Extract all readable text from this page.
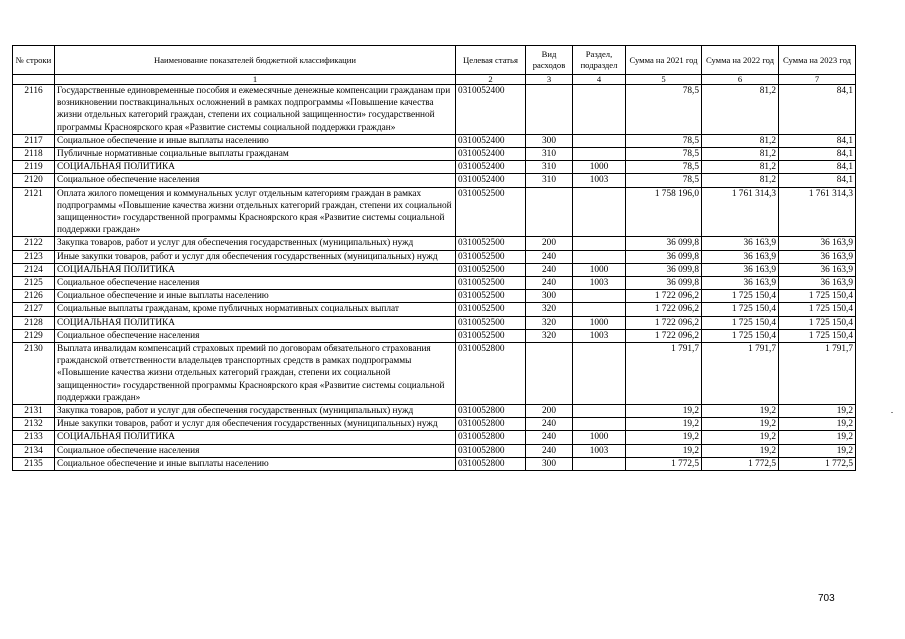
№ строки	Наименование показателей бюджетной классификации	Целевая статья	Вид расходов	Раздел, подраздел	Сумма на 2021 год	Сумма на 2022 год	Сумма на 2023 год
	1	2	3	4	5	6	7
2116	Государственные единовременные пособия и ежемесячные денежные компенсации гражданам при возникновении поствакцинальных осложнений в рамках подпрограммы «Повышение качества жизни отдельных категорий граждан, степени их социальной защищенности» государственной программы Красноярского края «Развитие системы социальной поддержки граждан»	0310052400			78,5	81,2	84,1
2117	Социальное обеспечение и иные выплаты населению	0310052400	300		78,5	81,2	84,1
2118	Публичные нормативные социальные выплаты гражданам	0310052400	310		78,5	81,2	84,1
2119	СОЦИАЛЬНАЯ ПОЛИТИКА	0310052400	310	1000	78,5	81,2	84,1
2120	Социальное обеспечение населения	0310052400	310	1003	78,5	81,2	84,1
2121	Оплата жилого помещения и коммунальных услуг отдельным категориям граждан в рамках подпрограммы «Повышение качества жизни отдельных категорий граждан, степени их социальной защищенности» государственной программы Красноярского края «Развитие системы социальной поддержки граждан»	0310052500			1 758 196,0	1 761 314,3	1 761 314,3
2122	Закупка товаров, работ и услуг для обеспечения государственных (муниципальных) нужд	0310052500	200		36 099,8	36 163,9	36 163,9
2123	Иные закупки товаров, работ и услуг для обеспечения государственных (муниципальных) нужд	0310052500	240		36 099,8	36 163,9	36 163,9
2124	СОЦИАЛЬНАЯ ПОЛИТИКА	0310052500	240	1000	36 099,8	36 163,9	36 163,9
2125	Социальное обеспечение населения	0310052500	240	1003	36 099,8	36 163,9	36 163,9
2126	Социальное обеспечение и иные выплаты населению	0310052500	300		1 722 096,2	1 725 150,4	1 725 150,4
2127	Социальные выплаты гражданам, кроме публичных нормативных социальных выплат	0310052500	320		1 722 096,2	1 725 150,4	1 725 150,4
2128	СОЦИАЛЬНАЯ ПОЛИТИКА	0310052500	320	1000	1 722 096,2	1 725 150,4	1 725 150,4
2129	Социальное обеспечение населения	0310052500	320	1003	1 722 096,2	1 725 150,4	1 725 150,4
2130	Выплата инвалидам компенсаций страховых премий по договорам обязательного страхования гражданской ответственности владельцев транспортных средств в рамках подпрограммы «Повышение качества жизни отдельных категорий граждан, степени их социальной защищенности» государственной программы Красноярского края «Развитие системы социальной поддержки граждан»	0310052800			1 791,7	1 791,7	1 791,7
2131	Закупка товаров, работ и услуг для обеспечения государственных (муниципальных) нужд	0310052800	200		19,2	19,2	19,2
2132	Иные закупки товаров, работ и услуг для обеспечения государственных (муниципальных) нужд	0310052800	240		19,2	19,2	19,2
2133	СОЦИАЛЬНАЯ ПОЛИТИКА	0310052800	240	1000	19,2	19,2	19,2
2134	Социальное обеспечение населения	0310052800	240	1003	19,2	19,2	19,2
2135	Социальное обеспечение и иные выплаты населению	0310052800	300		1 772,5	1 772,5	1 772,5
703
